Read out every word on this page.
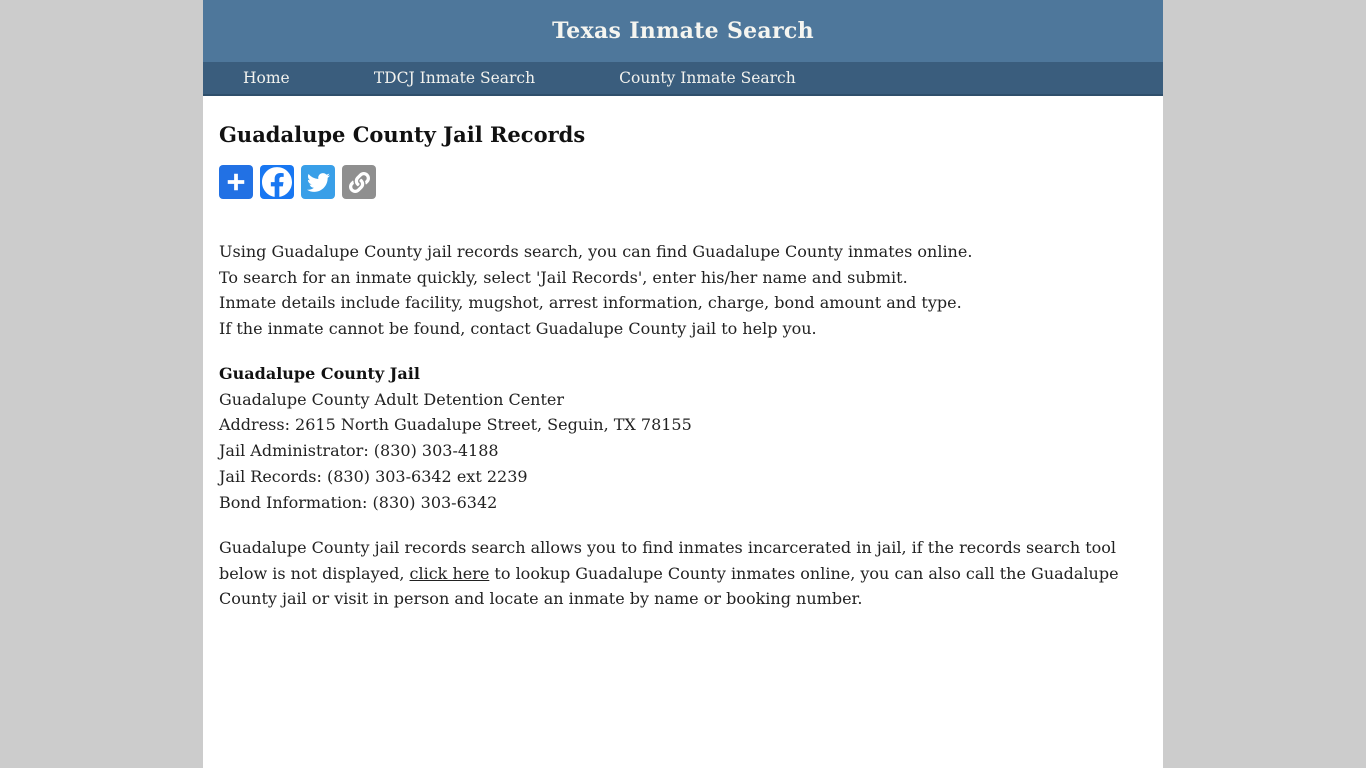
Texas Inmate Search
Home	TDCJ Inmate Search	County Inmate Search
Guadalupe County Jail Records

Using Guadalupe County jail records search, you can find Guadalupe County inmates online.
To search for an inmate quickly, select 'Jail Records', enter his/her name and submit.
Inmate details include facility, mugshot, arrest information, charge, bond amount and type.
If the inmate cannot be found, contact Guadalupe County jail to help you.

Guadalupe County Jail
Guadalupe County Adult Detention Center
Address: 2615 North Guadalupe Street, Seguin, TX 78155
Jail Administrator: (830) 303-4188
Jail Records: (830) 303-6342 ext 2239
Bond Information: (830) 303-6342

Guadalupe County jail records search allows you to find inmates incarcerated in jail, if the records search tool below is not displayed, click here to lookup Guadalupe County inmates online, you can also call the Guadalupe County jail or visit in person and locate an inmate by name or booking number.
